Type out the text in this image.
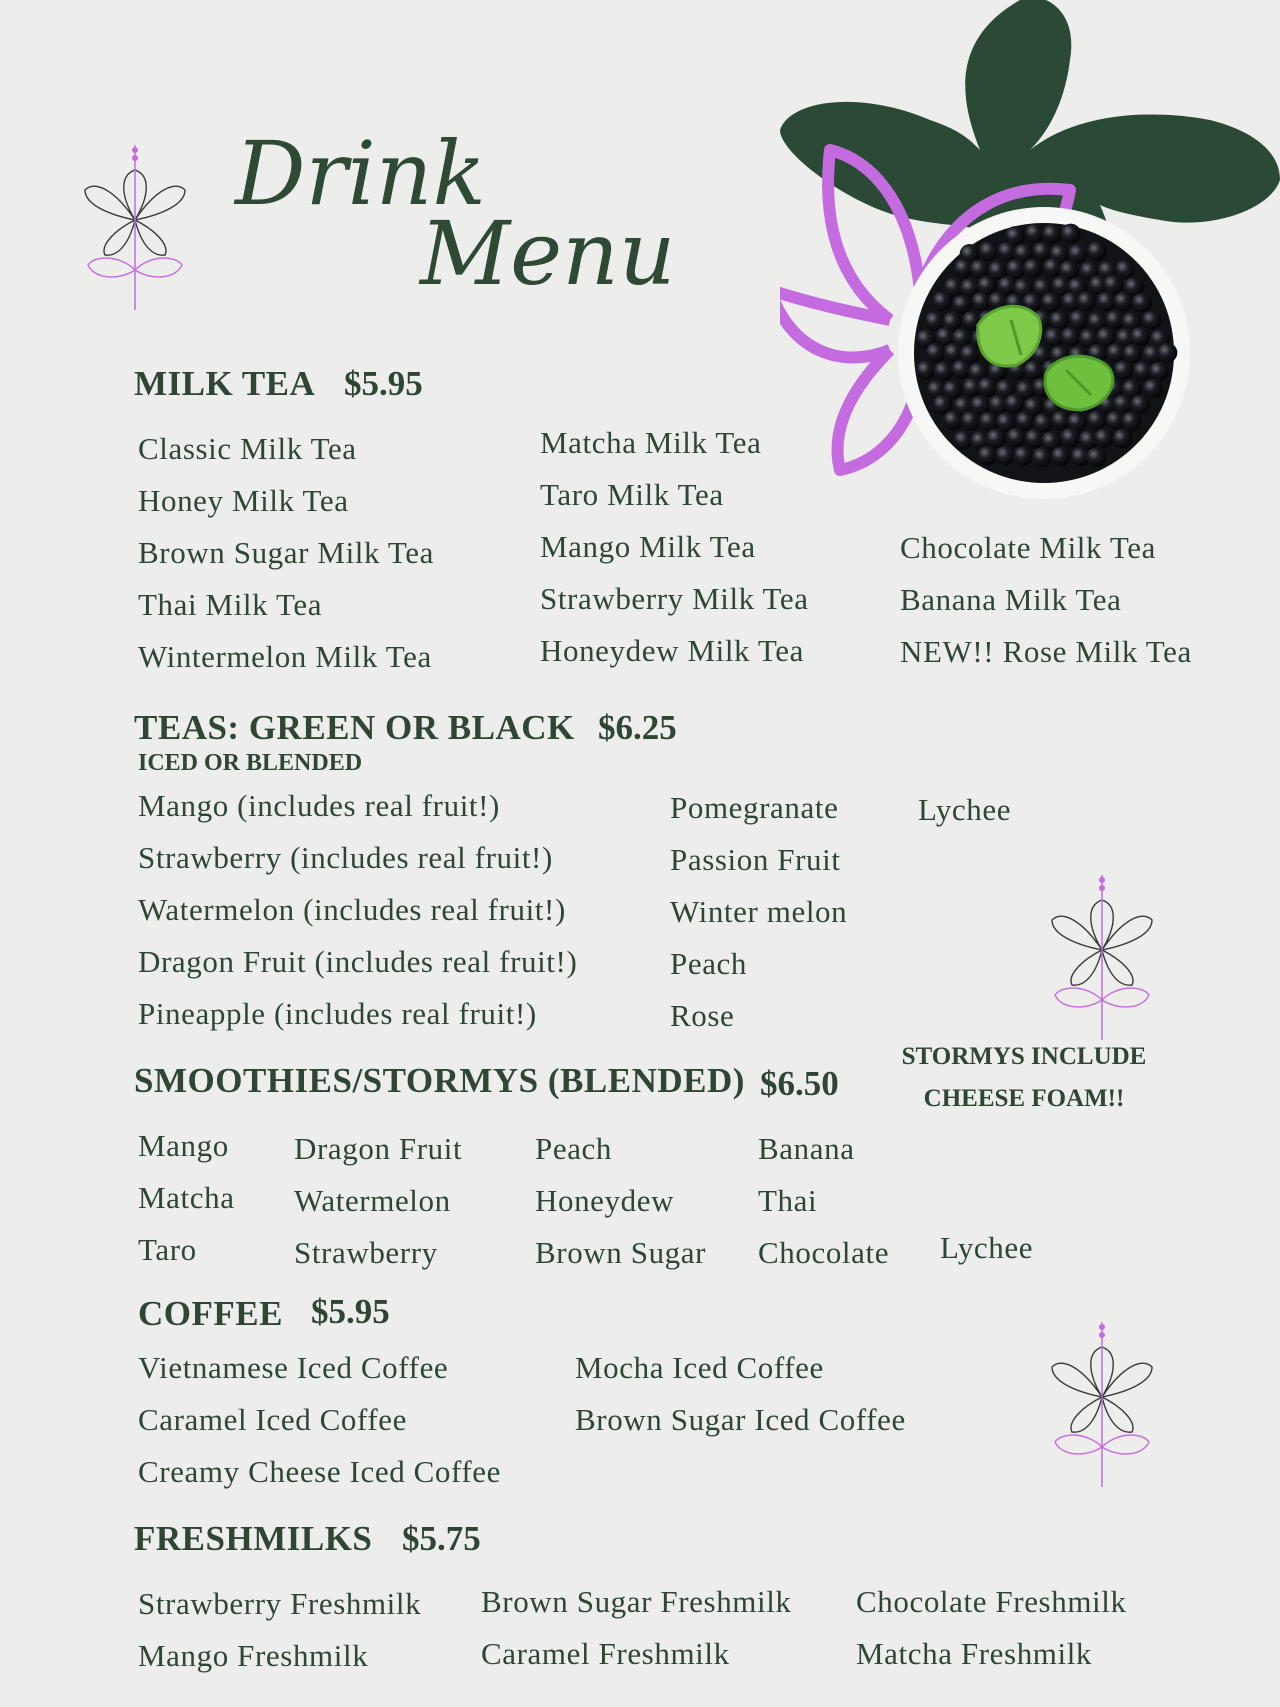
Drink
Menu
MILK TEA $5.95
Classic Milk Tea
Honey Milk Tea
Brown Sugar Milk Tea
Thai Milk Tea
Wintermelon Milk Tea
Matcha Milk Tea
Taro Milk Tea
Mango Milk Tea
Strawberry Milk Tea
Honeydew Milk Tea
Chocolate Milk Tea
Banana Milk Tea
NEW!! Rose Milk Tea
TEAS: GREEN OR BLACK $6.25
ICED OR BLENDED
Mango (includes real fruit!)
Strawberry (includes real fruit!)
Watermelon (includes real fruit!)
Dragon Fruit (includes real fruit!)
Pineapple (includes real fruit!)
Pomegranate
Passion Fruit
Winter melon
Peach
Rose
Lychee
SMOOTHIES/STORMYS (BLENDED) $6.50
STORMYS INCLUDE
CHEESE FOAM!!
Mango
Matcha
Taro
Dragon Fruit
Watermelon
Strawberry
Peach
Honeydew
Brown Sugar
Banana
Thai
Chocolate Lychee
COFFEE $5.95
Vietnamese Iced Coffee
Caramel Iced Coffee
Creamy Cheese Iced Coffee
Mocha Iced Coffee
Brown Sugar Iced Coffee
FRESHMILKS $5.75
Strawberry Freshmilk
Mango Freshmilk
Brown Sugar Freshmilk
Caramel Freshmilk
Chocolate Freshmilk
Matcha Freshmilk
